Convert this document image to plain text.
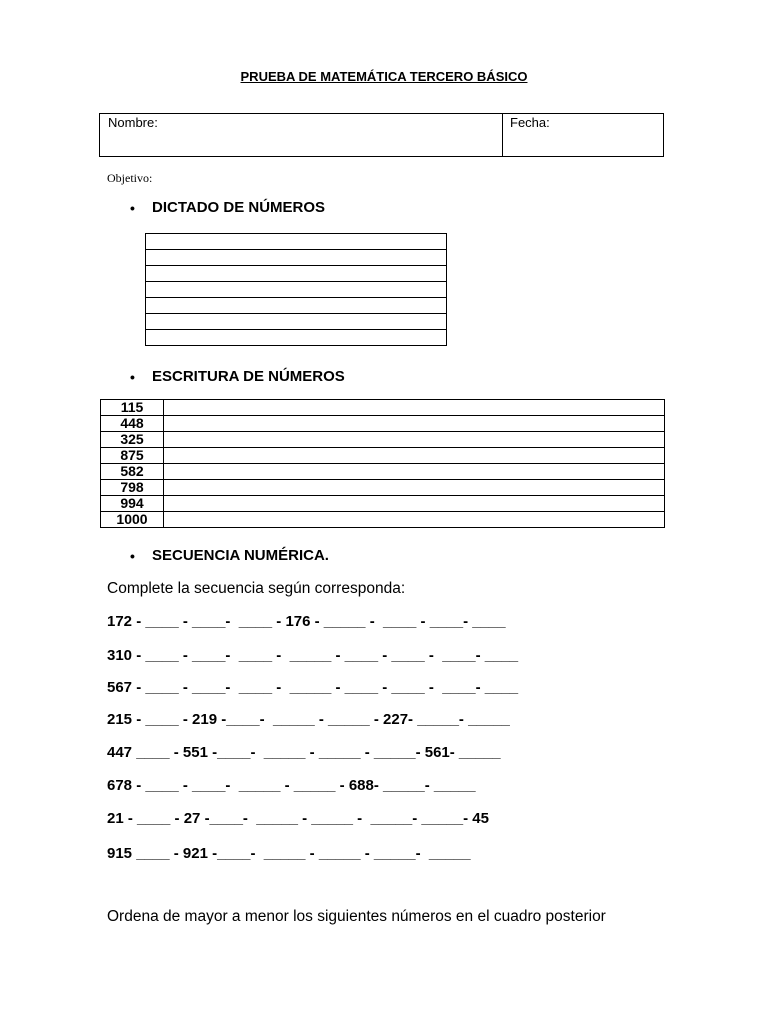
PRUEBA DE MATEMÁTICA TERCERO BÁSICO
Nombre:	Fecha:
Objetivo:
•	DICTADO DE NÚMEROS

•	ESCRITURA DE NÚMEROS
115	
448	
325	
875	
582	
798	
994	
1000	
•	SECUENCIA NUMÉRICA.
Complete la secuencia según corresponda:
172 - ____ - ____-  ____ - 176 - _____ -  ____ - ____- ____
310 - ____ - ____-  ____ -  _____ - ____ - ____ -  ____- ____
567 - ____ - ____-  ____ -  _____ - ____ - ____ -  ____- ____
215 - ____ - 219 -____-  _____ - _____ - 227- _____- _____
447 ____ - 551 -____-  _____ - _____ - _____- 561- _____
678 - ____ - ____-  _____ - _____ - 688- _____- _____
21 - ____ - 27 -____-  _____ - _____ -  _____- _____- 45
915 ____ - 921 -____-  _____ - _____ - _____-  _____
Ordena de mayor a menor los siguientes números en el cuadro posterior
